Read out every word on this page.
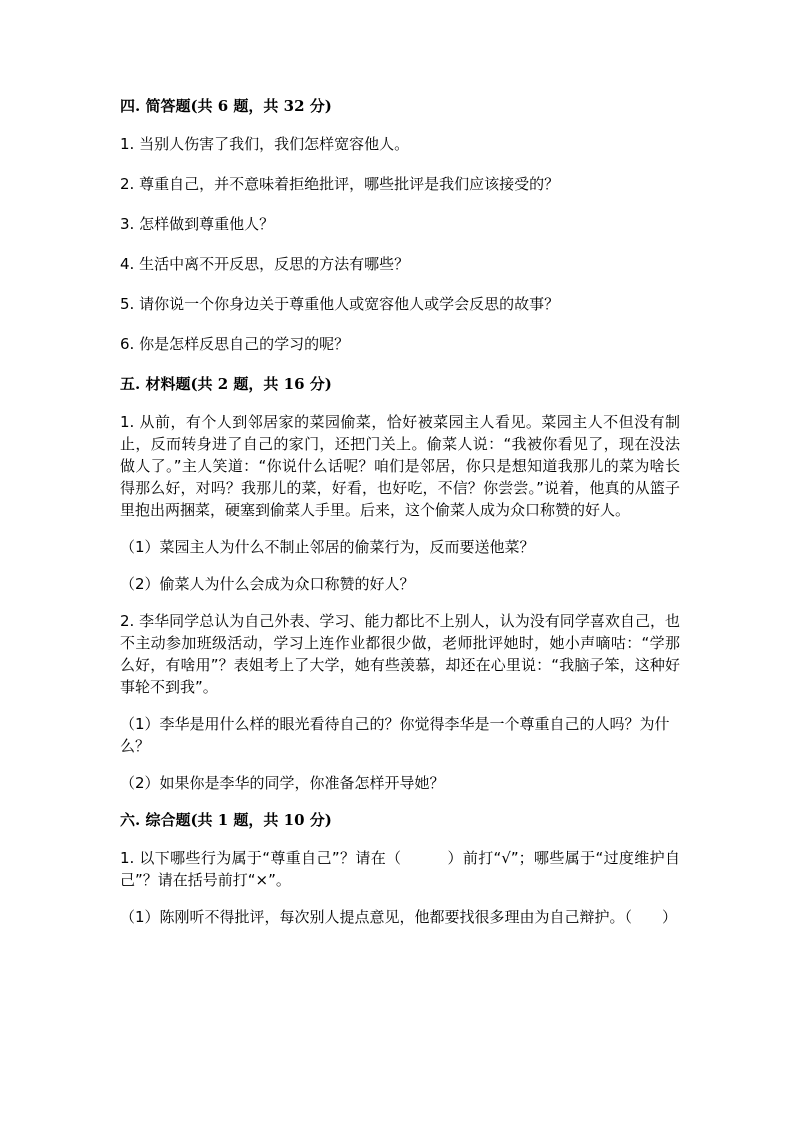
四. 简答题(共 6 题，共 32 分)
1. 当别人伤害了我们，我们怎样宽容他人。
2. 尊重自己，并不意味着拒绝批评，哪些批评是我们应该接受的？
3. 怎样做到尊重他人？
4. 生活中离不开反思，反思的方法有哪些？
5. 请你说一个你身边关于尊重他人或宽容他人或学会反思的故事？
6. 你是怎样反思自己的学习的呢？
五. 材料题(共 2 题，共 16 分)
1. 从前，有个人到邻居家的菜园偷菜，恰好被菜园主人看见。菜园主人不但没有制止，反而转身进了自己的家门，还把门关上。偷菜人说：“我被你看见了，现在没法做人了。”主人笑道：“你说什么话呢？咱们是邻居，你只是想知道我那儿的菜为啥长得那么好，对吗？我那儿的菜，好看，也好吃，不信？你尝尝。”说着，他真的从篮子里抱出两捆菜，硬塞到偷菜人手里。后来，这个偷菜人成为众口称赞的好人。
（1）菜园主人为什么不制止邻居的偷菜行为，反而要送他菜？
（2）偷菜人为什么会成为众口称赞的好人？
2. 李华同学总认为自己外表、学习、能力都比不上别人，认为没有同学喜欢自己，也不主动参加班级活动，学习上连作业都很少做，老师批评她时，她小声嘀咕：“学那么好，有啥用”？表姐考上了大学，她有些羡慕，却还在心里说：“我脑子笨，这种好事轮不到我”。
（1）李华是用什么样的眼光看待自己的？你觉得李华是一个尊重自己的人吗？为什么？
（2）如果你是李华的同学，你准备怎样开导她？
六. 综合题(共 1 题，共 10 分)
1. 以下哪些行为属于“尊重自己”？请在（　　　）前打“√”；哪些属于“过度维护自己”？请在括号前打“×”。
（1）陈刚听不得批评，每次别人提点意见，他都要找很多理由为自己辩护。（　　）
